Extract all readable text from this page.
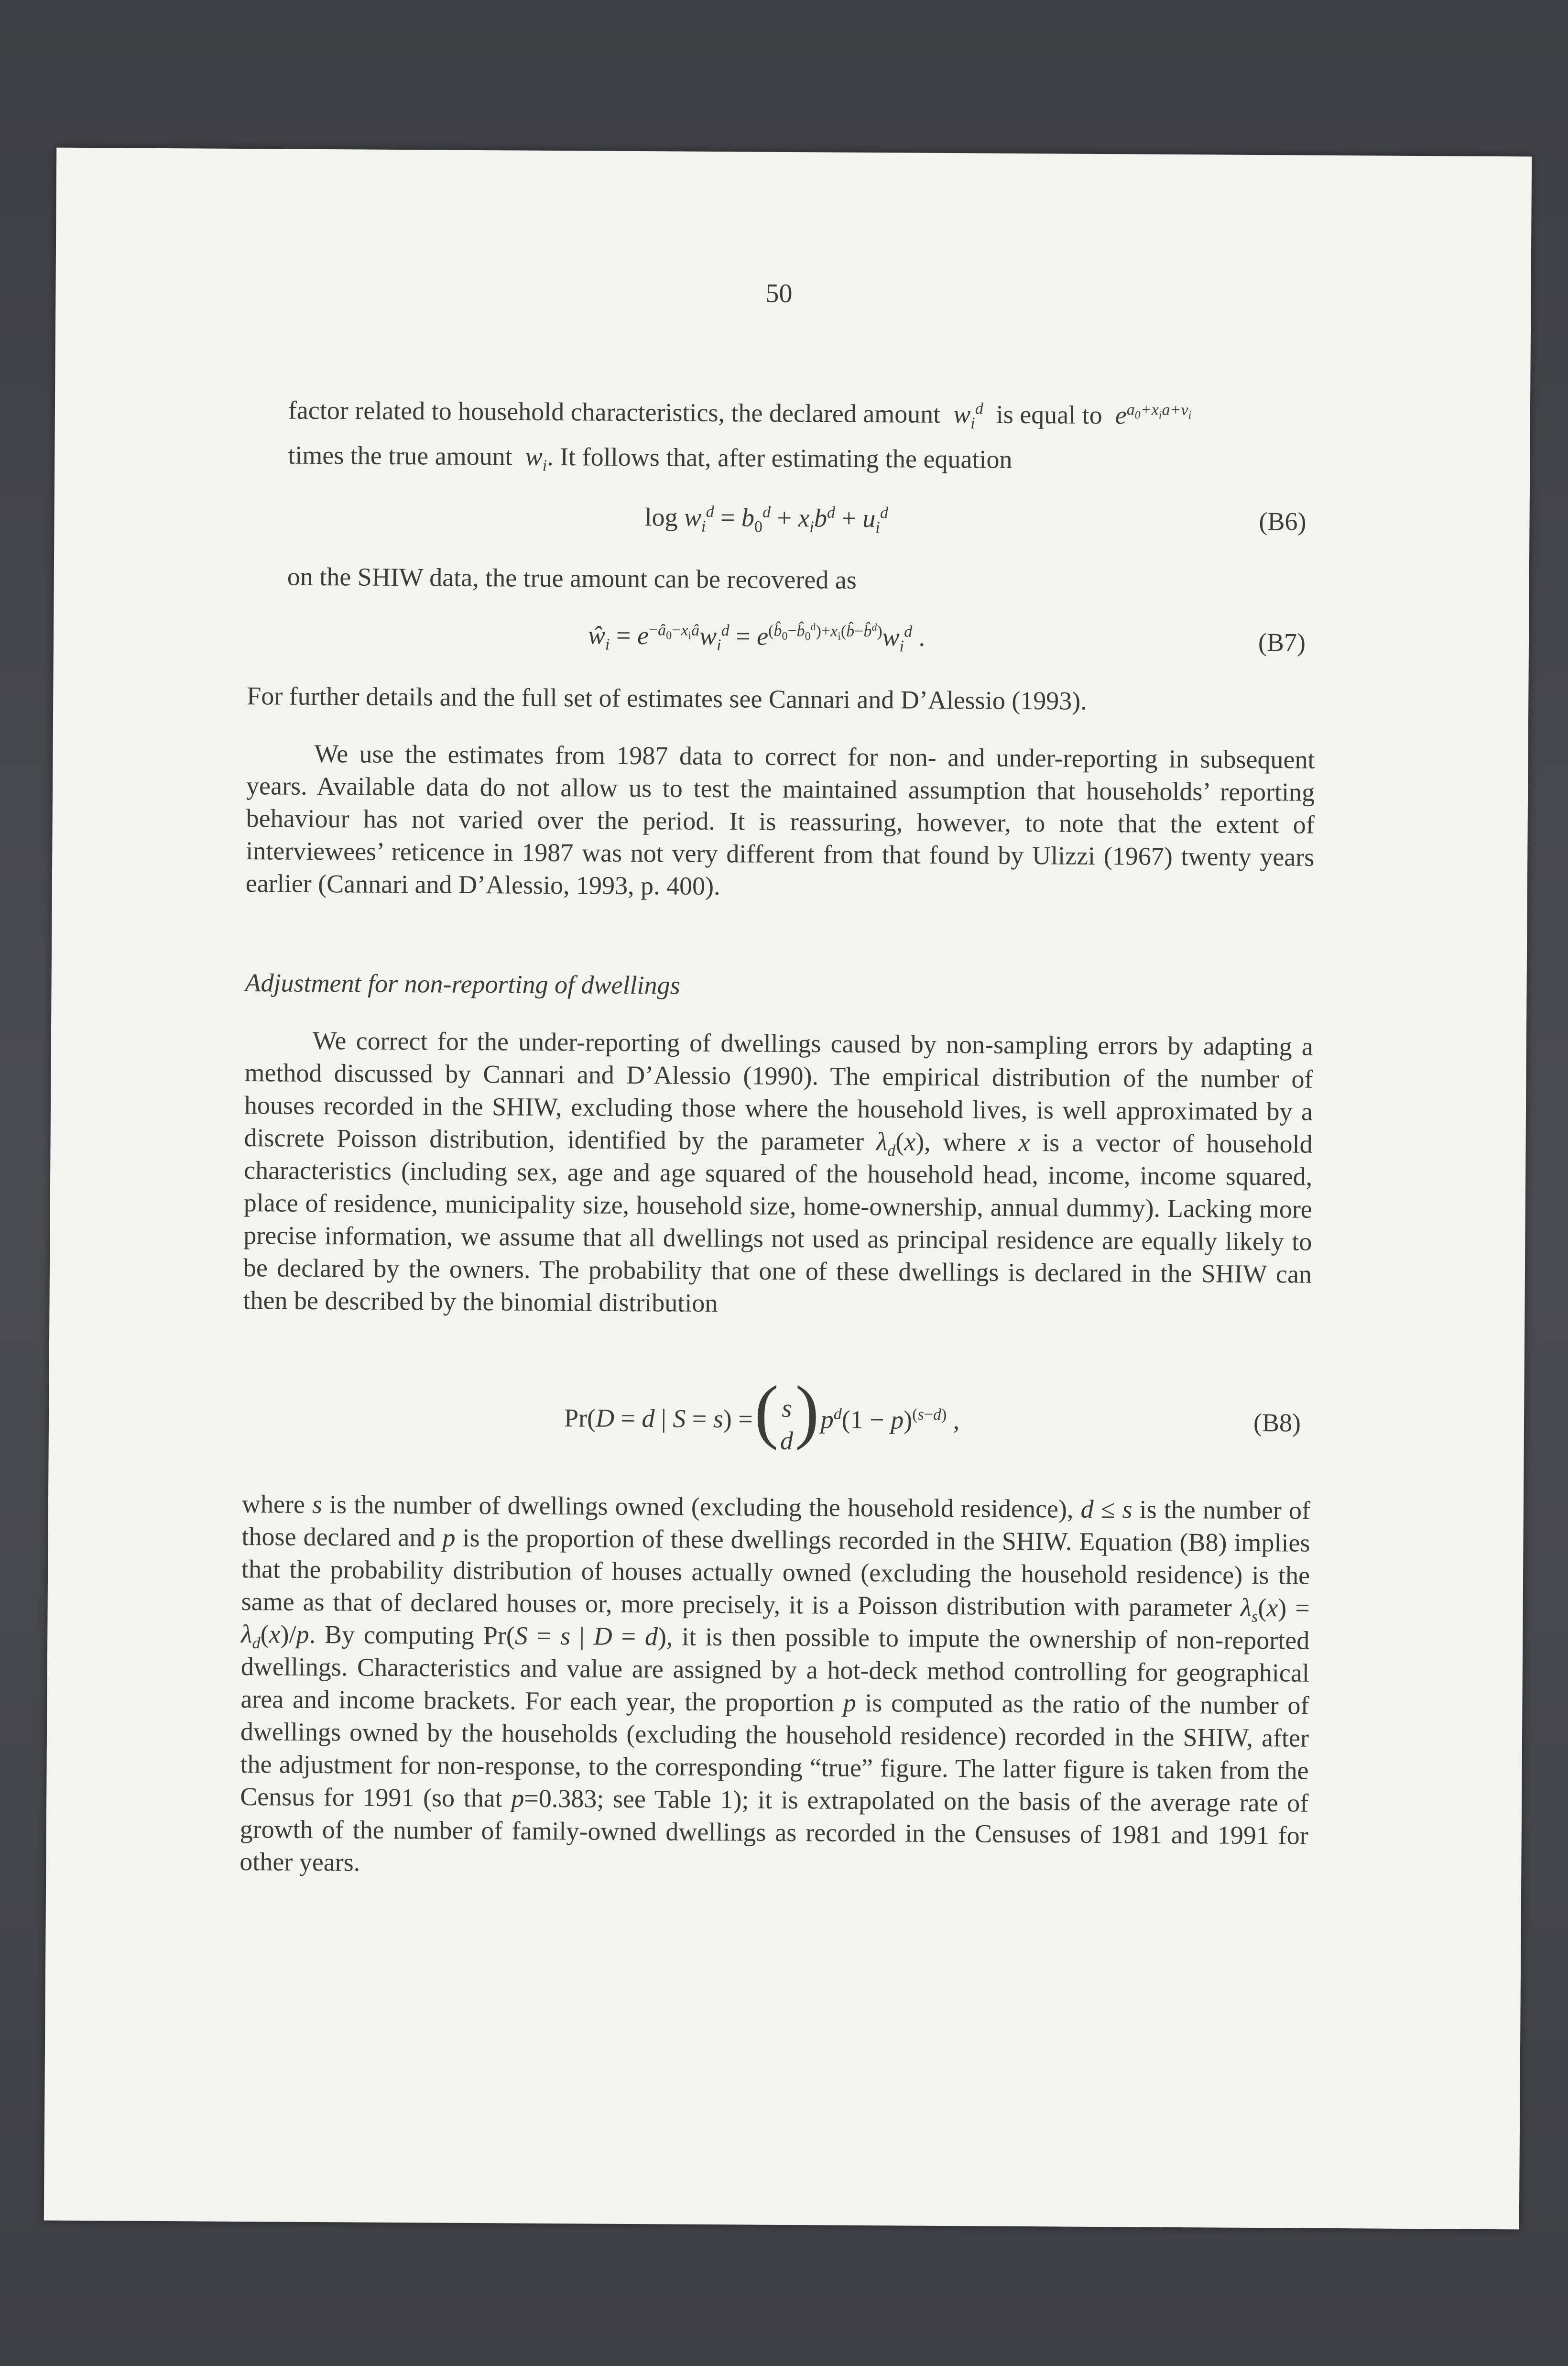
50
factor related to household characteristics, the declared amount  $w_i^d$ is equal to  $e^{a_0+x_ia+v_i}$
times the true amount  $w_i$. It follows that, after estimating the equation
$\log w_i^d = b_0^d + x_ib^d + u_i^d$	(B6)
on the SHIW data, the true amount can be recovered as
$ŵ_i = e^{-â_0-x_iâ}w_i^d = e^{(b̂_0-b̂_0^d)+x_i(b̂-b̂^d)}w_i^d$ .	(B7)
For further details and the full set of estimates see Cannari and D’Alessio (1993).
We use the estimates from 1987 data to correct for non- and under-reporting in subsequent years. Available data do not allow us to test the maintained assumption that households’ reporting behaviour has not varied over the period. It is reassuring, however, to note that the extent of interviewees’ reticence in 1987 was not very different from that found by Ulizzi (1967) twenty years earlier (Cannari and D’Alessio, 1993, p. 400).
Adjustment for non-reporting of dwellings
We correct for the under-reporting of dwellings caused by non-sampling errors by adapting a method discussed by Cannari and D’Alessio (1990). The empirical distribution of the number of houses recorded in the SHIW, excluding those where the household lives, is well approximated by a discrete Poisson distribution, identified by the parameter $\lambda_d(x)$, where x is a vector of household characteristics (including sex, age and age squared of the household head, income, income squared, place of residence, municipality size, household size, home-ownership, annual dummy). Lacking more precise information, we assume that all dwellings not used as principal residence are equally likely to be declared by the owners. The probability that one of these dwellings is declared in the SHIW can then be described by the binomial distribution
Pr(D = d | S = s) =
( s
d ) $p^d(1 - p)^{(s-d)}$ ,	(B8)
where s is the number of dwellings owned (excluding the household residence), d ≤ s is the number of those declared and p is the proportion of these dwellings recorded in the SHIW. Equation (B8) implies that the probability distribution of houses actually owned (excluding the household residence) is the same as that of declared houses or, more precisely, it is a Poisson distribution with parameter $\lambda_s(x) = \lambda_d(x)/p$. By computing Pr(S = s | D = d), it is then possible to impute the ownership of non-reported dwellings. Characteristics and value are assigned by a hot-deck method controlling for geographical area and income brackets. For each year, the proportion p is computed as the ratio of the number of dwellings owned by the households (excluding the household residence) recorded in the SHIW, after the adjustment for non-response, to the corresponding “true” figure. The latter figure is taken from the Census for 1991 (so that p=0.383; see Table 1); it is extrapolated on the basis of the average rate of growth of the number of family-owned dwellings as recorded in the Censuses of 1981 and 1991 for other years.
